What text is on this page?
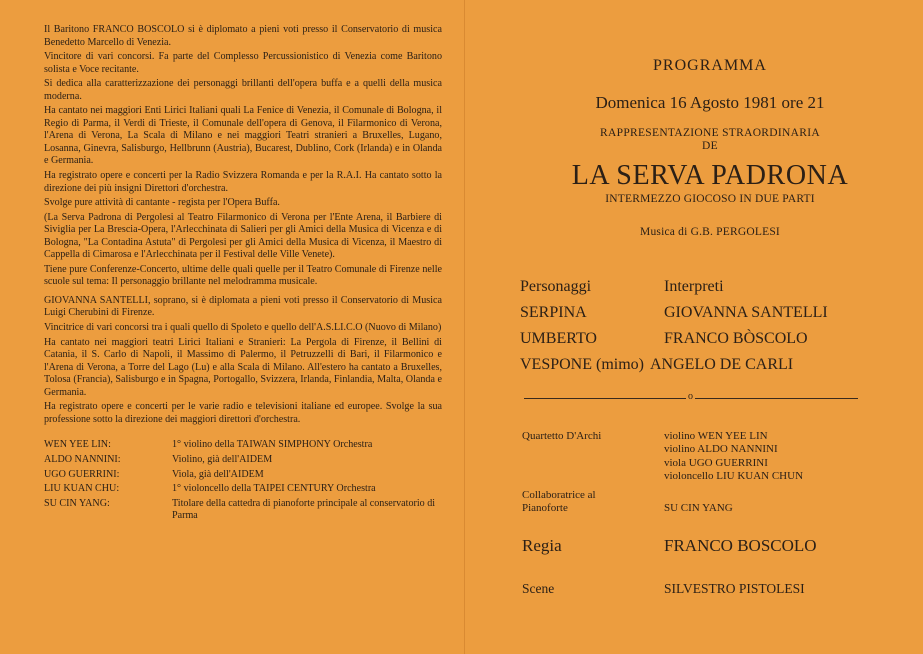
Il Baritono FRANCO BOSCOLO si è diplomato a pieni voti presso il Conservatorio di musica Benedetto Marcello di Venezia.

Vincitore di vari concorsi. Fa parte del Complesso Percussionistico di Venezia come Baritono solista e Voce recitante.

Si dedica alla caratterizzazione dei personaggi brillanti dell'opera buffa e a quelli della musica moderna.

Ha cantato nei maggiori Enti Lirici Italiani quali La Fenice di Venezia, il Comunale di Bologna, il Regio di Parma, il Verdi di Trieste, il Comunale dell'opera di Genova, il Filarmonico di Verona, l'Arena di Verona, La Scala di Milano e nei maggiori Teatri stranieri a Bruxelles, Lugano, Losanna, Ginevra, Salisburgo, Hellbrunn (Austria), Bucarest, Dublino, Cork (Irlanda) e in Olanda e Germania.

Ha registrato opere e concerti per la Radio Svizzera Romanda e per la R.A.I. Ha cantato sotto la direzione dei più insigni Direttori d'orchestra.

Svolge pure attività di cantante - regista per l'Opera Buffa.

(La Serva Padrona di Pergolesi al Teatro Filarmonico di Verona per l'Ente Arena, il Barbiere di Siviglia per La Brescia-Opera, l'Arlecchinata di Salieri per gli Amici della Musica di Vicenza e di Bologna, "La Contadina Astuta" di Pergolesi per gli Amici della Musica di Vicenza, il Maestro di Cappella di Cimarosa e l'Arlecchinata per il Festival delle Ville Venete).

Tiene pure Conferenze-Concerto, ultime delle quali quelle per il Teatro Comunale di Firenze nelle scuole sul tema: Il personaggio brillante nel melodramma musicale.

GIOVANNA SANTELLI, soprano, si è diplomata a pieni voti presso il Conservatorio di Musica Luigi Cherubini di Firenze.

Vincitrice di vari concorsi tra i quali quello di Spoleto e quello dell'A.S.LI.C.O (Nuovo di Milano)

Ha cantato nei maggiori teatri Lirici Italiani e Stranieri: La Pergola di Firenze, il Bellini di Catania, il S. Carlo di Napoli, il Massimo di Palermo, il Petruzzelli di Bari, il Filarmonico e l'Arena di Verona, a Torre del Lago (Lu) e alla Scala di Milano. All'estero ha cantato a Bruxelles, Tolosa (Francia), Salisburgo e in Spagna, Portogallo, Svizzera, Irlanda, Finlandia, Malta, Olanda e Germania.

Ha registrato opere e concerti per le varie radio e televisioni italiane ed europee. Svolge la sua professione sotto la direzione dei maggiori direttori d'orchestra.

WEN YEE LIN:	1° violino della TAIWAN SIMPHONY Orchestra
ALDO NANNINI:	Violino, già dell'AIDEM
UGO GUERRINI:	Viola, già dell'AIDEM
LIU KUAN CHU:	1° violoncello della TAIPEI CENTURY Orchestra
SU CIN YANG:	Titolare della cattedra di pianoforte principale al conservatorio di Parma
PROGRAMMA
Domenica 16 Agosto 1981 ore 21
RAPPRESENTAZIONE STRAORDINARIA
DE
LA SERVA PADRONA
INTERMEZZO GIOCOSO IN DUE PARTI
Musica di G.B. PERGOLESI
Personaggi	Interpreti
SERPINA	GIOVANNA SANTELLI
UMBERTO	FRANCO BÒSCOLO
VESPONE (mimo) ANGELO DE CARLI
o
Quartetto D'Archi	violino WEN YEE LIN
violino ALDO NANNINI
viola UGO GUERRINI
violoncello LIU KUAN CHUN
Collaboratrice al
Pianoforte	SU CIN YANG
Regia	FRANCO BOSCOLO
Scene	SILVESTRO PISTOLESI
